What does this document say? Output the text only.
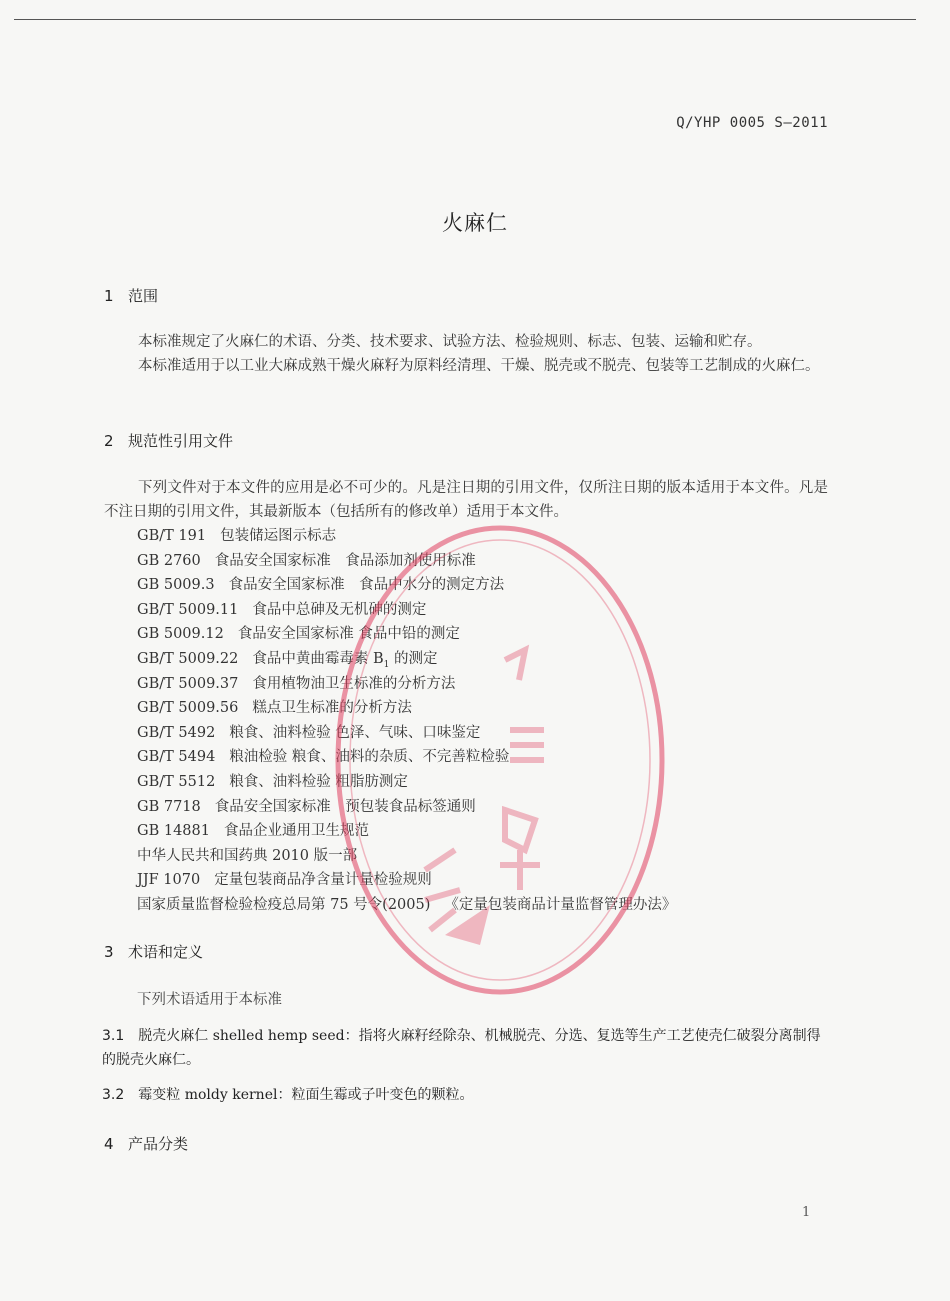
Q/YHP 0005 S—2011
火麻仁
1 范围
本标准规定了火麻仁的术语、分类、技术要求、试验方法、检验规则、标志、包装、运输和贮存。
本标准适用于以工业大麻成熟干燥火麻籽为原料经清理、干燥、脱壳或不脱壳、包装等工艺制成的火麻仁。
2 规范性引用文件
下列文件对于本文件的应用是必不可少的。凡是注日期的引用文件，仅所注日期的版本适用于本文件。凡是不注日期的引用文件，其最新版本（包括所有的修改单）适用于本文件。
GB/T 191 包装储运图示标志
GB 2760 食品安全国家标准　食品添加剂使用标准
GB 5009.3 食品安全国家标准　食品中水分的测定方法
GB/T 5009.11 食品中总砷及无机砷的测定
GB 5009.12 食品安全国家标准 食品中铅的测定
GB/T 5009.22 食品中黄曲霉毒素 $B_1$ 的测定
GB/T 5009.37 食用植物油卫生标准的分析方法
GB/T 5009.56 糕点卫生标准的分析方法
GB/T 5492 粮食、油料检验 色泽、气味、口味鉴定
GB/T 5494 粮油检验 粮食、油料的杂质、不完善粒检验
GB/T 5512 粮食、油料检验 粗脂肪测定
GB 7718 食品安全国家标准　预包装食品标签通则
GB 14881 食品企业通用卫生规范
中华人民共和国药典 2010 版一部
JJF 1070 定量包装商品净含量计量检验规则
国家质量监督检验检疫总局第 75 号令(2005) 《定量包装商品计量监督管理办法》
3 术语和定义
下列术语适用于本标准
3.1 脱壳火麻仁 shelled hemp seed：指将火麻籽经除杂、机械脱壳、分选、复选等生产工艺使壳仁破裂分离制得的脱壳火麻仁。
3.2 霉变粒 moldy kernel：粒面生霉或子叶变色的颗粒。
4 产品分类
1
